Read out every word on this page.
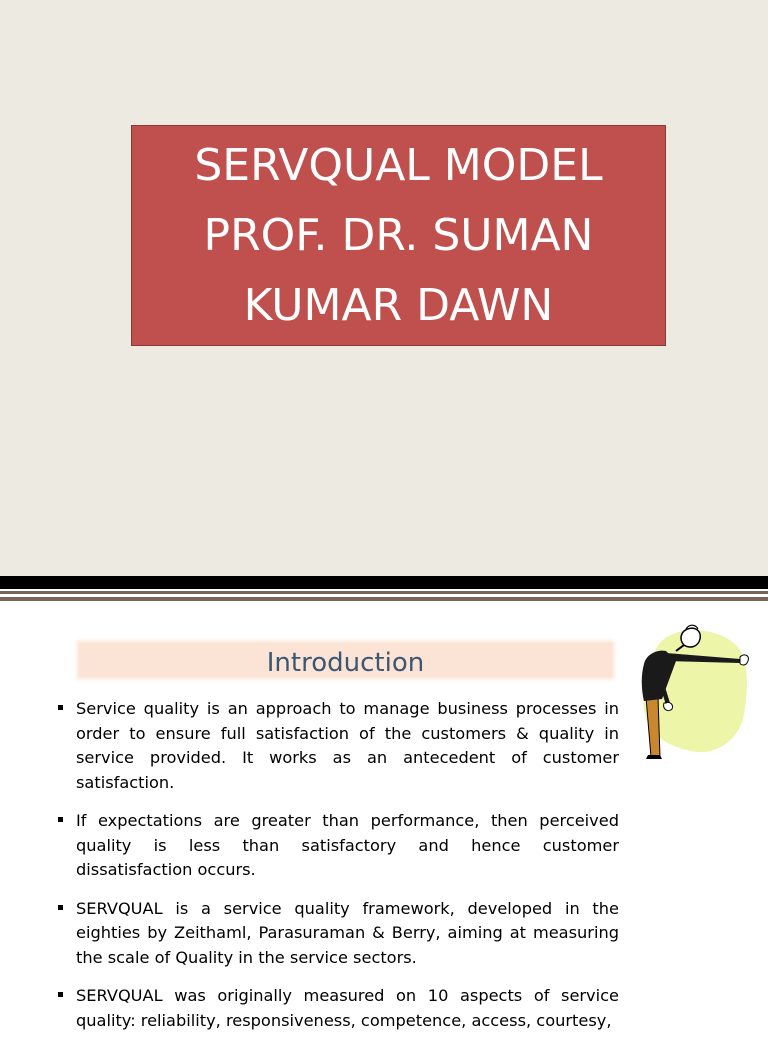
SERVQUAL MODEL
PROF. DR. SUMAN
KUMAR DAWN
Introduction
Service quality is an approach to manage business processes in order to ensure full satisfaction of the customers & quality in service provided. It works as an antecedent of customer satisfaction.
If expectations are greater than performance, then perceived quality is less than satisfactory and hence customer dissatisfaction occurs.
SERVQUAL is a service quality framework, developed in the eighties by Zeithaml, Parasuraman & Berry, aiming at measuring the scale of Quality in the service sectors.
SERVQUAL was originally measured on 10 aspects of service quality: reliability, responsiveness, competence, access, courtesy,
